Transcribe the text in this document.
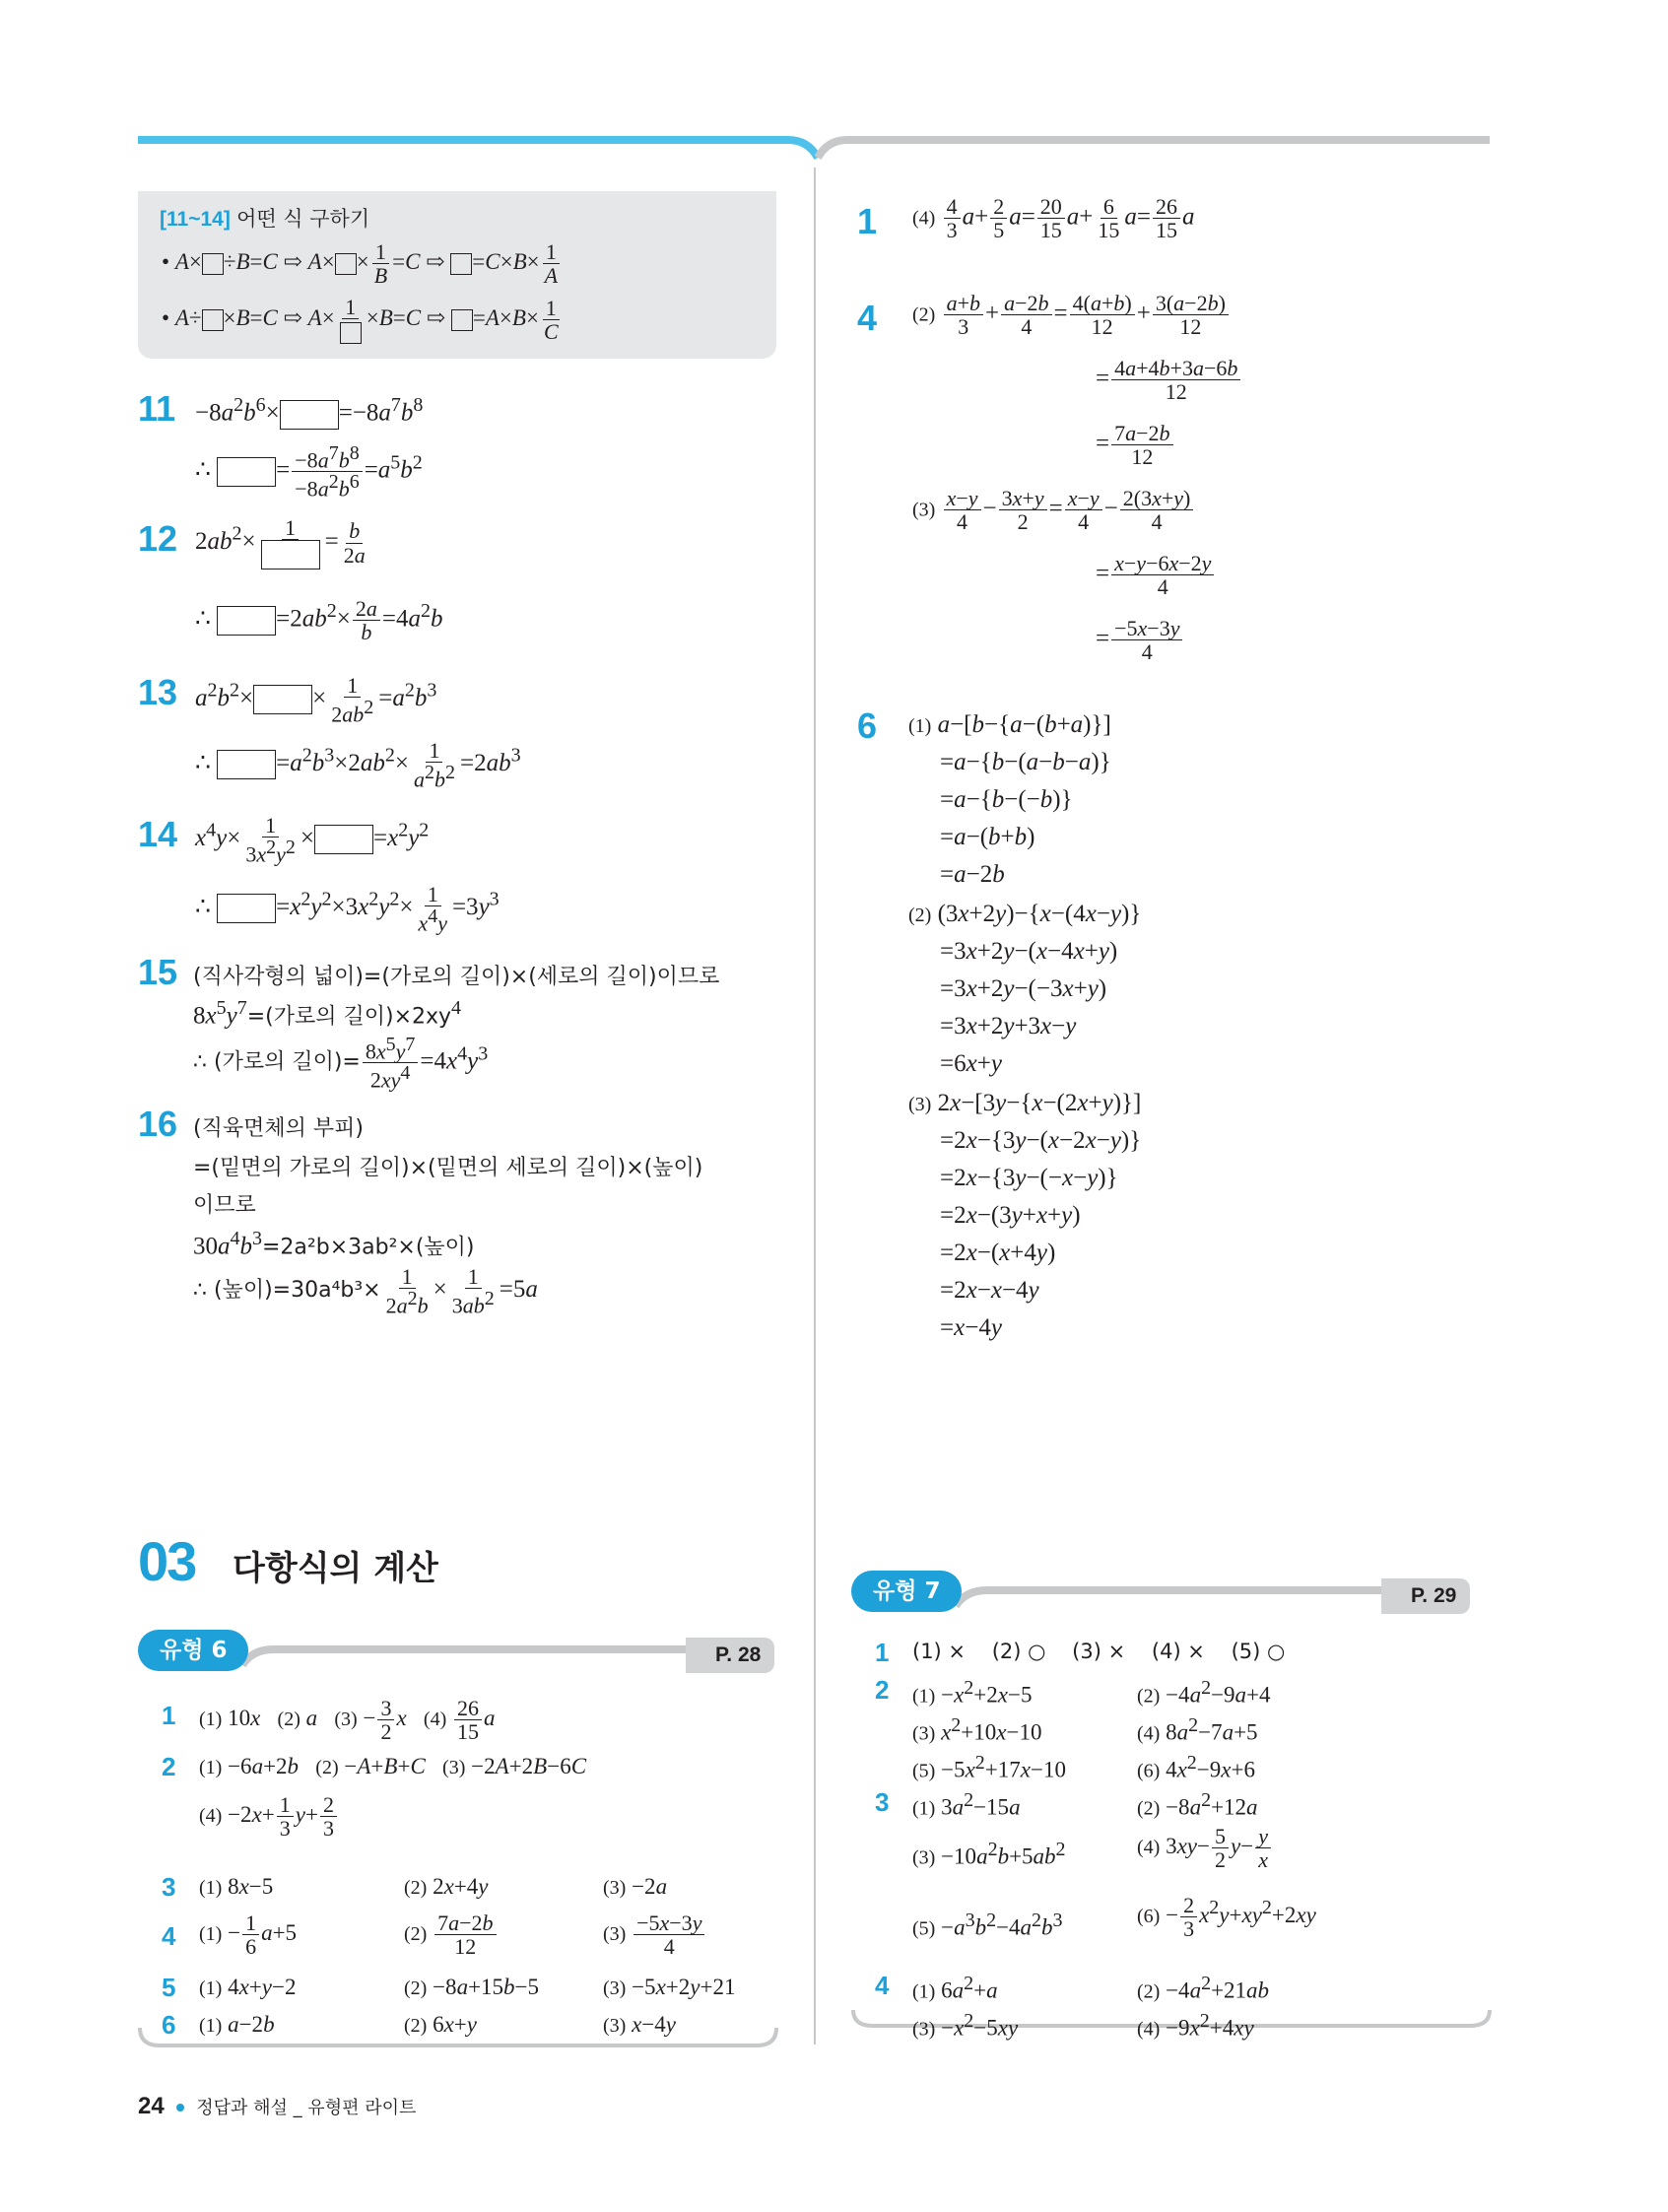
[11~14] 어떤 식 구하기
• A× ÷B=C ⇨ $A\times \times \frac{1}{B} =C$ ⇨ $=C\times B\times \frac{1}{A}$
• A÷ ×B=C ⇨ A× 1 ×B=C ⇨ $=A\times B\times \frac{1}{C}$
$11 -8a^2b^6\times =-8a^7b^8$
∴ = $\frac{-8a^7b^8}{-8a^2b^6} =a^5b^2$
12 $2ab^2\times$
1
= $\frac{b}{2a}$
∴ $=2ab^2\times \frac{2a}{b} =4a^2b$
13 $a^2b^2\times \times \frac{1}{2ab^2} =a^2b^3$
∴ $=a^2b^3\times 2ab^2\times \frac{1}{a^2b^2} =2ab^3$
14 $x^4y\times \frac{1}{3x^2y^2} \times =x^2y^2$
∴ $=x^2y^2\times 3x^2y^2\times \frac{1}{x^4y} =3y^3$
15 (직사각형의 넓이)=(가로의 길이)×(세로의 길이)이므로
$8x^5y^7=$(가로의 길이)$\times 2xy^4$
∴ (가로의 길이)= $\frac{8x^5y^7}{2xy^4} =4x^4y^3$
16 (직육면체의 부피)
=(밑면의 가로의 길이)×(밑면의 세로의 길이)×(높이)
이므로
$30a^4b^3=2a^2b\times 3ab^2\times$(높이)
∴ (높이)$=30a^4b^3\times \frac{1}{2a^2b} \times \frac{1}{3ab^2} =5a$
03 다항식의 계산
유형 6	P. 28
1 (1) 10x (2) a $(3) - \frac{3}{2}$ x $(4) \frac{26}{15}$ a
2 (1) −6a+2b (2) −A+B+C (3) −2A+2B−6C
$(4) -2x+ \frac{1}{3} y+ \frac{2}{3}$
3 (1) 8x−5	(2) 2x+4y	(3) −2a
4 $(1) - \frac{1}{6} a+5$	$(2) \frac{7a-2b}{12}$	$(3) \frac{-5x-3y}{4}$
5 (1) 4x+y−2	(2) −8a+15b−5	(3) −5x+2y+21
6 (1) a−2b	(2) 6x+y	(3) x−4y
1 $(4) \frac{4}{3} a+ \frac{2}{5} a= \frac{20}{15} a+ \frac{6}{15} a= \frac{26}{15}$ a
4 $(2) \frac{a+b}{3} + \frac{a-2b}{4} = \frac{4(a+b)}{12} + \frac{3(a-2b)}{12}$
= $\frac{4a+4b+3a-6b}{12}$
= $\frac{7a-2b}{12}$
$(3) \frac{x-y}{4} - \frac{3x+y}{2} = \frac{x-y}{4} - \frac{2(3x+y)}{4}$
= $\frac{x-y-6x-2y}{4}$
= $\frac{-5x-3y}{4}$
6 (1) a−[b−{a−(b+a)}]
=a−{b−(a−b−a)}
=a−{b−(−b)}
=a−(b+b)
=a−2b
(2) (3x+2y)−{x−(4x−y)}
=3x+2y−(x−4x+y)
=3x+2y−(−3x+y)
=3x+2y+3x−y
=6x+y
(3) 2x−[3y−{x−(2x+y)}]
=2x−{3y−(x−2x−y)}
=2x−{3y−(−x−y)}
=2x−(3y+x+y)
=2x−(x+4y)
=2x−x−4y
=x−4y
유형 7	P. 29
1 (1) ×    (2) ○    (3) ×    (4) ×    (5) ○
2 $(1) -x^2+2x-5$	$(2) -4a^2-9a+4$
(3) $x^2+10x-10$	(4) $8a^2-7a+5$
$(5) -5x^2+17x-10$	(6) $4x^2-9x+6$
3 (1) $3a^2-15a$	$(2) -8a^2+12a$
$(3) -10a^2b+5ab^2$	(4) $3xy- \frac{5}{2} y- \frac{y}{x}$
$(5) -a^3b^2-4a^2b^3$	$(6) - \frac{2}{3} x^2y+xy^2+2xy$
4 (1) $6a^2+a$	$(2) -4a^2+21ab$
$(3) -x^2-5xy$	$(4) -9x^2+4xy$
24 정답과 해설 _ 유형편 라이트
